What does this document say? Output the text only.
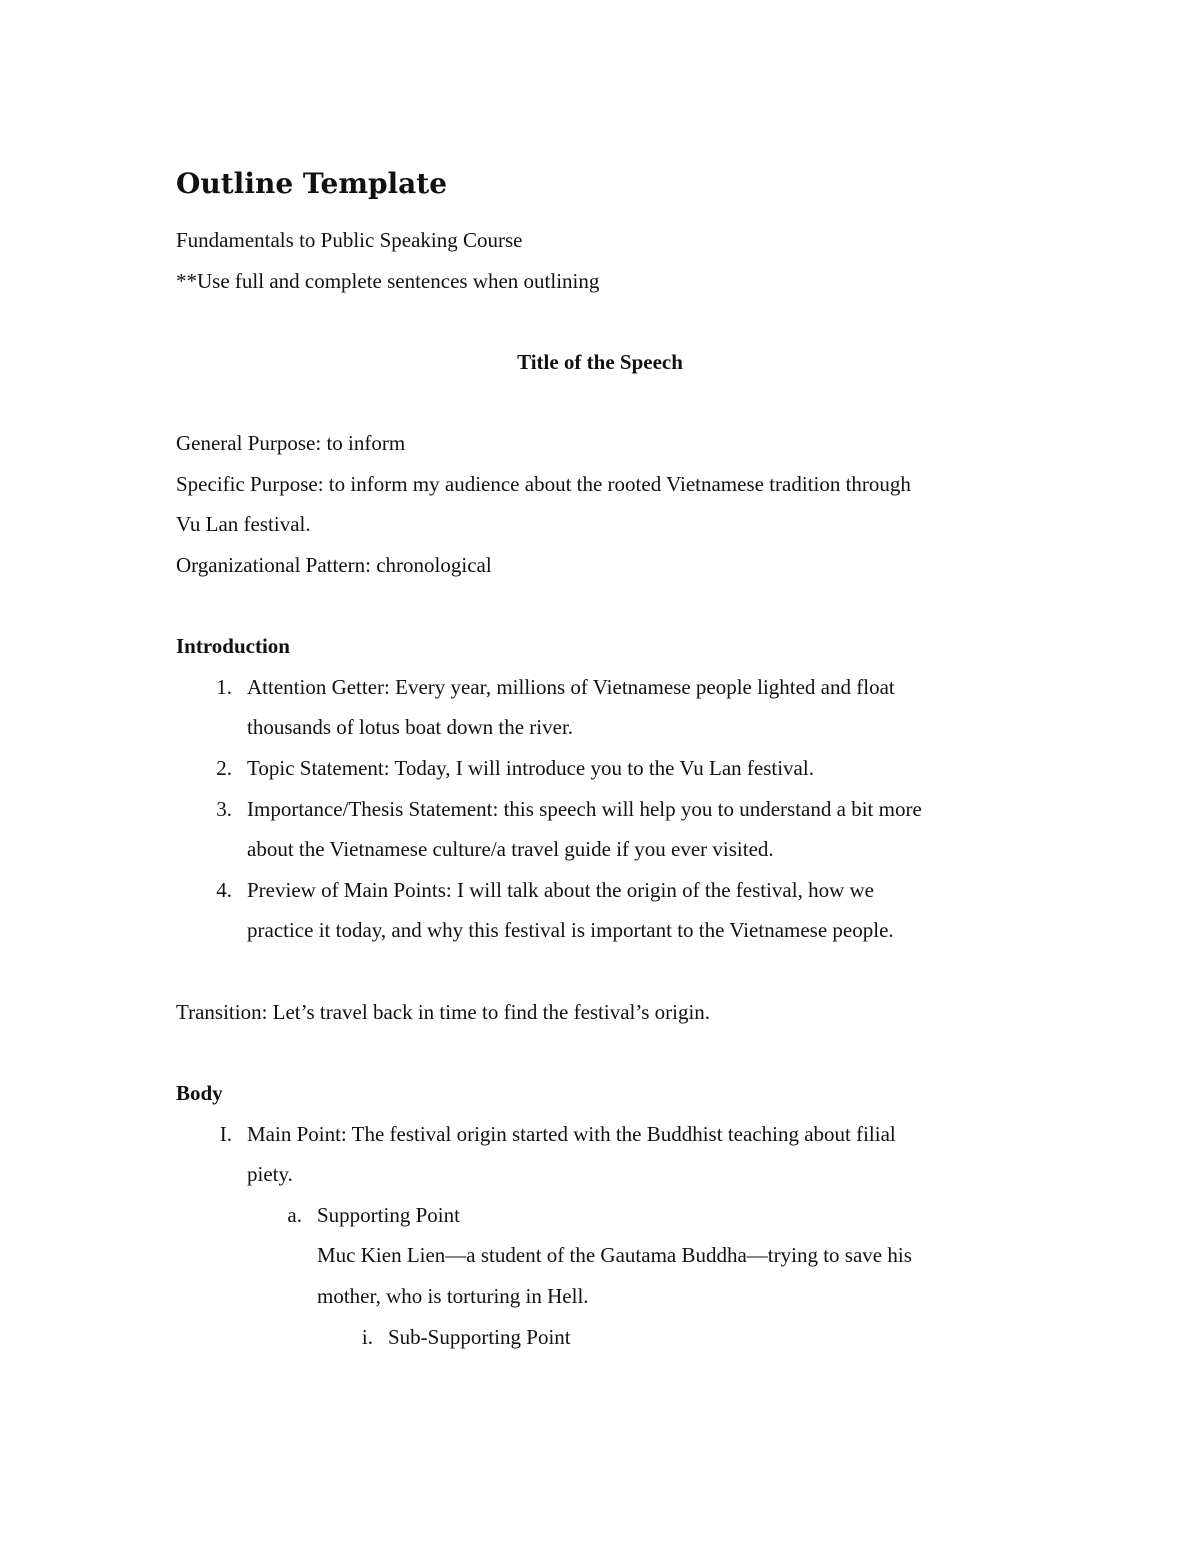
Outline Template
Fundamentals to Public Speaking Course
**Use full and complete sentences when outlining
Title of the Speech
General Purpose: to inform
Specific Purpose: to inform my audience about the rooted Vietnamese tradition through
Vu Lan festival.
Organizational Pattern: chronological
Introduction
1. Attention Getter: Every year, millions of Vietnamese people lighted and float
thousands of lotus boat down the river.
2. Topic Statement: Today, I will introduce you to the Vu Lan festival.
3. Importance/Thesis Statement: this speech will help you to understand a bit more
about the Vietnamese culture/a travel guide if you ever visited.
4. Preview of Main Points: I will talk about the origin of the festival, how we
practice it today, and why this festival is important to the Vietnamese people.
Transition: Let’s travel back in time to find the festival’s origin.
Body
I. Main Point: The festival origin started with the Buddhist teaching about filial
piety.
a. Supporting Point
Muc Kien Lien—a student of the Gautama Buddha—trying to save his
mother, who is torturing in Hell.
i. Sub-Supporting Point
